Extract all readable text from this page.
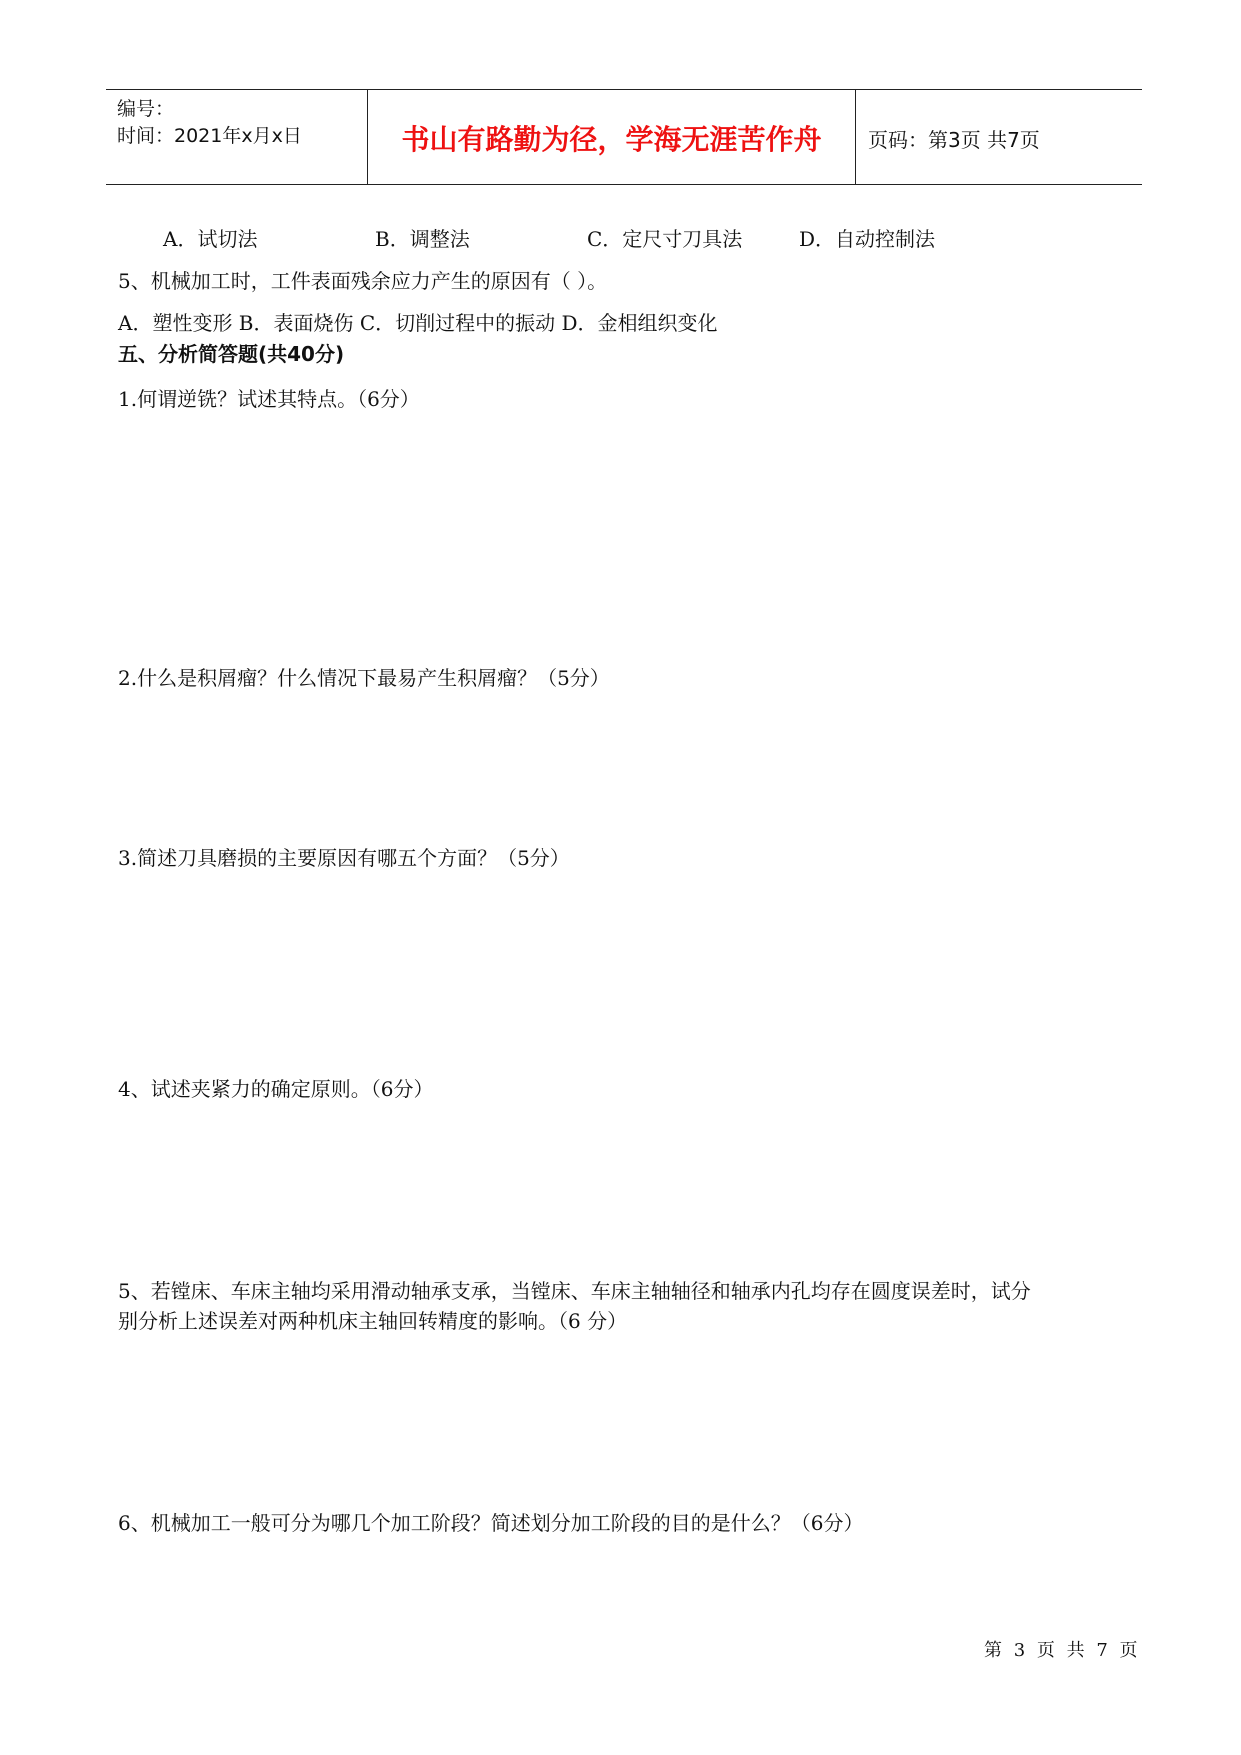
编号：
时间：2021年x月x日	书山有路勤为径，学海无涯苦作舟	页码：第3页 共7页
A．试切法	B．调整法	C．定尺寸刀具法	D．自动控制法
5、机械加工时，工件表面残余应力产生的原因有（ ）。
A．塑性变形 B．表面烧伤 C．切削过程中的振动 D．金相组织变化
五、分析简答题(共40分)
1.何谓逆铣？试述其特点。（6分）
2.什么是积屑瘤？什么情况下最易产生积屑瘤？（5分）
3.简述刀具磨损的主要原因有哪五个方面？（5分）
4、试述夹紧力的确定原则。（6分）
5、若镗床、车床主轴均采用滑动轴承支承，当镗床、车床主轴轴径和轴承内孔均存在圆度误差时，试分
别分析上述误差对两种机床主轴回转精度的影响。（6 分）
6、机械加工一般可分为哪几个加工阶段？简述划分加工阶段的目的是什么？（6分）
第 3 页 共 7 页
